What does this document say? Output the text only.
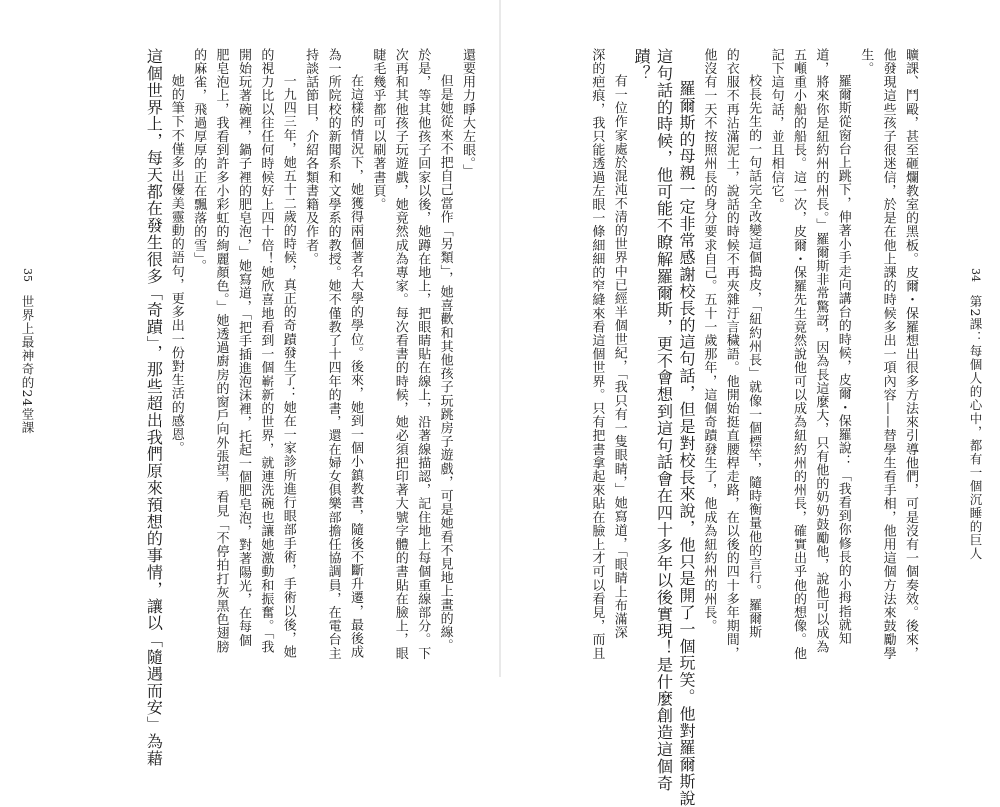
還要用力睜大左眼。」

但是她從來不把自己當作「另類」，她喜歡和其他孩子玩跳房子遊戲，可是她看不見地上畫的線。

於是，等其他孩子回家以後，她蹲在地上，把眼睛貼在線上，沿著線描認，記住地上每個重線部分。下

次再和其他孩子玩遊戲，她竟然成為專家。每次看書的時候，她必須把印著大號字體的書貼在臉上，眼

睫毛幾乎都可以刷著書頁。

在這樣的情況下，她獲得兩個著名大學的學位。後來，她到一個小鎮教書，隨後不斷升遷，最後成

為一所院校的新聞系和文學系的教授。她不僅教了十四年的書，還在婦女俱樂部擔任協調員，在電台主

持談話節目，介紹各類書籍及作者。

一九四三年，她五十二歲的時候，真正的奇蹟發生了：她在一家診所進行眼部手術，手術以後，她

的視力比以往任何時候好上四十倍！她欣喜地看到一個嶄新的世界，就連洗碗也讓她激動和振奮。「我

開始玩著碗裡，鍋子裡的肥皂泡，」她寫道，「把手插進泡沫裡，托起一個肥皂泡，對著陽光，在每個

肥皂泡上，我看到許多小彩虹的絢麗顏色。」她透過廚房的窗戶向外張望，看見「不停拍打灰黑色翅膀

的麻雀，飛過厚厚的正在飄落的雪」。

她的筆下不僅多出優美靈動的語句，更多出一份對生活的感恩。

這個世界上，每天都在發生很多「奇蹟」，那些超出我們原來預想的事情，讓以「隨遇而安」為藉

35 世界上最神奇的24堂課	曠課、鬥毆，甚至砸爛教室的黑板。皮爾・保羅想出很多方法來引導他們，可是沒有一個奏效。後來，

他發現這些孩子很迷信，於是在他上課的時候多出一項內容——替學生看手相，他用這個方法來鼓勵學

生。

羅爾斯從窗台上跳下，伸著小手走向講台的時候，皮爾・保羅說：「我看到你修長的小拇指就知

道，將來你是紐約州的州長。」羅爾斯非常驚訝，因為長這麼大，只有他的奶奶鼓勵他，說他可以成為

五噸重小船的船長。這一次，皮爾・保羅先生竟然說他可以成為紐約州的州長，確實出乎他的想像。他

記下這句話，並且相信它。

校長先生的一句話完全改變這個搗皮，「紐約州長」就像一個標竿，隨時衡量他的言行。羅爾斯

的衣服不再沾滿泥土，說話的時候不再夾雜汙言穢語。他開始挺直腰桿走路，在以後的四十多年期間，

他沒有一天不按照州長的身分要求自己。五十一歲那年，這個奇蹟發生了，他成為紐約州的州長。

羅爾斯的母親一定非常感謝校長的這句話，但是對校長來說，他只是開了一個玩笑。他對羅爾斯說

這句話的時候，他可能不瞭解羅爾斯，更不會想到這句話會在四十多年以後實現！是什麼創造這個奇

蹟？

有一位作家處於混沌不清的世界中已經半個世紀，「我只有一隻眼睛，」她寫道，「眼睛上布滿深

深的疤痕，我只能透過左眼一條細細的窄縫來看這個世界。只有把書拿起來貼在臉上才可以看見，而且	34 第2課：每個人的心中，都有一個沉睡的巨人
